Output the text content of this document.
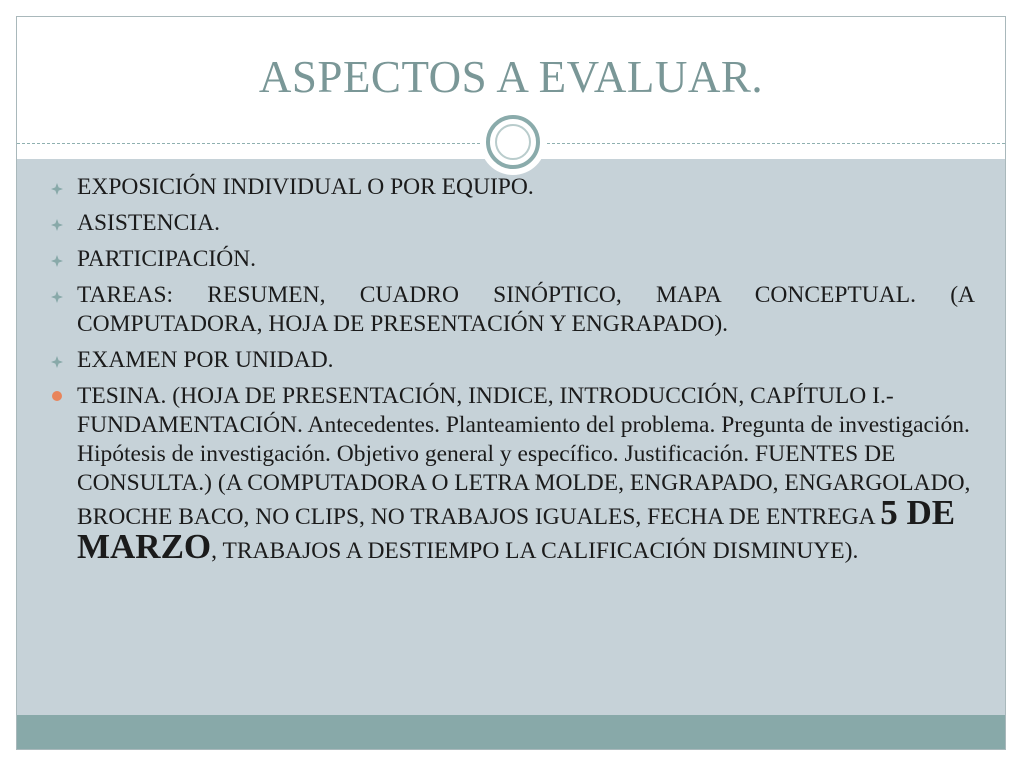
ASPECTOS A EVALUAR.
EXPOSICIÓN INDIVIDUAL O POR EQUIPO.
ASISTENCIA.
PARTICIPACIÓN.
TAREAS: RESUMEN, CUADRO SINÓPTICO, MAPA CONCEPTUAL. (A COMPUTADORA, HOJA DE PRESENTACIÓN Y ENGRAPADO).
EXAMEN POR UNIDAD.
TESINA. (HOJA DE PRESENTACIÓN, INDICE, INTRODUCCIÓN, CAPÍTULO I.- FUNDAMENTACIÓN. Antecedentes. Planteamiento del problema. Pregunta de investigación. Hipótesis de investigación. Objetivo general y específico. Justificación. FUENTES DE CONSULTA.) (A COMPUTADORA O LETRA MOLDE, ENGRAPADO, ENGARGOLADO, BROCHE BACO, NO CLIPS, NO TRABAJOS IGUALES, FECHA DE ENTREGA 5 DE MARZO, TRABAJOS A DESTIEMPO LA CALIFICACIÓN DISMINUYE).
